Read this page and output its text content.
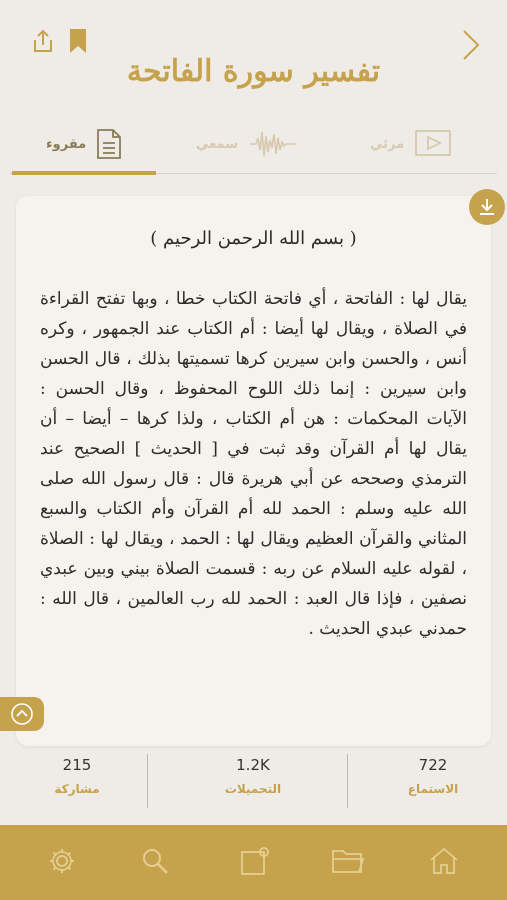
تفسير سورة الفاتحة
مقروء	سمعي	مرئي
( بسم الله الرحمن الرحيم )
يقال لها : الفاتحة ، أي فاتحة الكتاب خطا ، وبها تفتح القراءة في الصلاة ، ويقال لها أيضا : أم الكتاب عند الجمهور ، وكره أنس ، والحسن وابن سيرين كرها تسميتها بذلك ، قال الحسن وابن سيرين : إنما ذلك اللوح المحفوظ ، وقال الحسن : الآيات المحكمات : هن أم الكتاب ، ولذا كرها – أيضا – أن يقال لها أم القرآن وقد ثبت في [ الحديث ] الصحيح عند الترمذي وصححه عن أبي هريرة قال : قال رسول الله صلى الله عليه وسلم : الحمد لله أم القرآن وأم الكتاب والسبع المثاني والقرآن العظيم ويقال لها : الحمد ، ويقال لها : الصلاة ، لقوله عليه السلام عن ربه : قسمت الصلاة بيني وبين عبدي نصفين ، فإذا قال العبد : الحمد لله رب العالمين ، قال الله : حمدني عبدي الحديث .
215
مشاركة
1.2K
التحميلات
722
الاستماع
